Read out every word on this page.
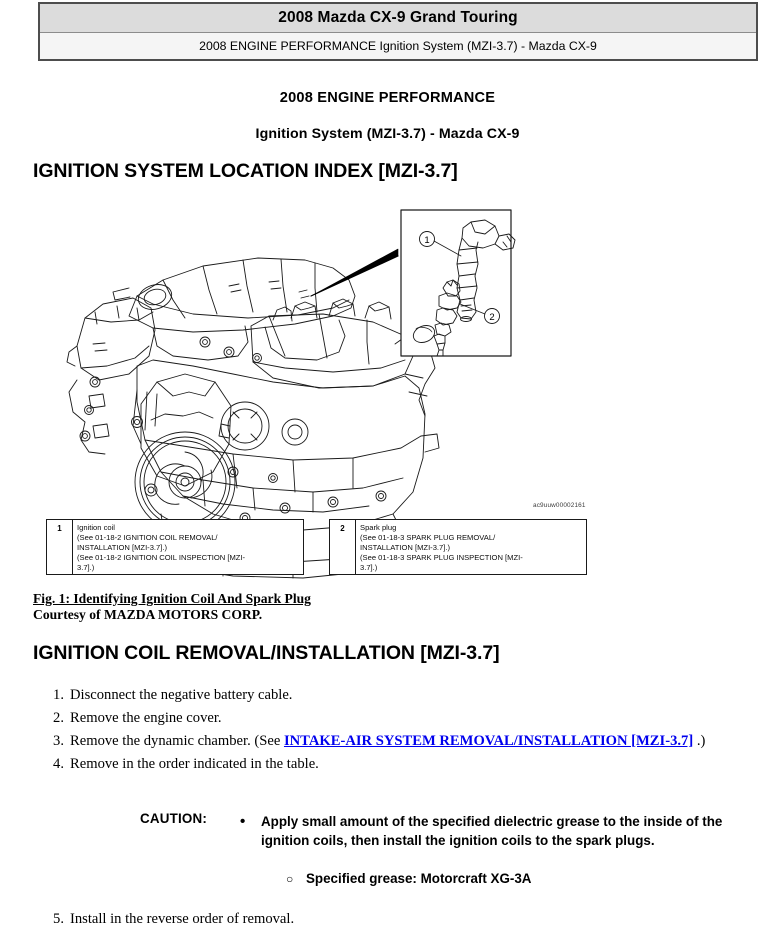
2008 Mazda CX-9 Grand Touring
2008 ENGINE PERFORMANCE Ignition System (MZI-3.7) - Mazda CX-9
2008 ENGINE PERFORMANCE
Ignition System (MZI-3.7) - Mazda CX-9
IGNITION SYSTEM LOCATION INDEX [MZI-3.7]
1
2
ac9uuw00002161
1	Ignition coil
(See 01-18-2 IGNITION COIL REMOVAL/
INSTALLATION [MZI-3.7].)
(See 01-18-2 IGNITION COIL INSPECTION [MZI-
3.7].)
2	Spark plug
(See 01-18-3 SPARK PLUG REMOVAL/
INSTALLATION [MZI-3.7].)
(See 01-18-3 SPARK PLUG INSPECTION [MZI-
3.7].)
Fig. 1: Identifying Ignition Coil And Spark Plug
Courtesy of MAZDA MOTORS CORP.
IGNITION COIL REMOVAL/INSTALLATION [MZI-3.7]
1. Disconnect the negative battery cable.
2. Remove the engine cover.
3. Remove the dynamic chamber. (See INTAKE-AIR SYSTEM REMOVAL/INSTALLATION [MZI-3.7] .)
4. Remove in the order indicated in the table.
CAUTION: •	Apply small amount of the specified dielectric grease to the inside of the ignition coils, then install the ignition coils to the spark plugs.
○ Specified grease: Motorcraft XG-3A
5. Install in the reverse order of removal.
